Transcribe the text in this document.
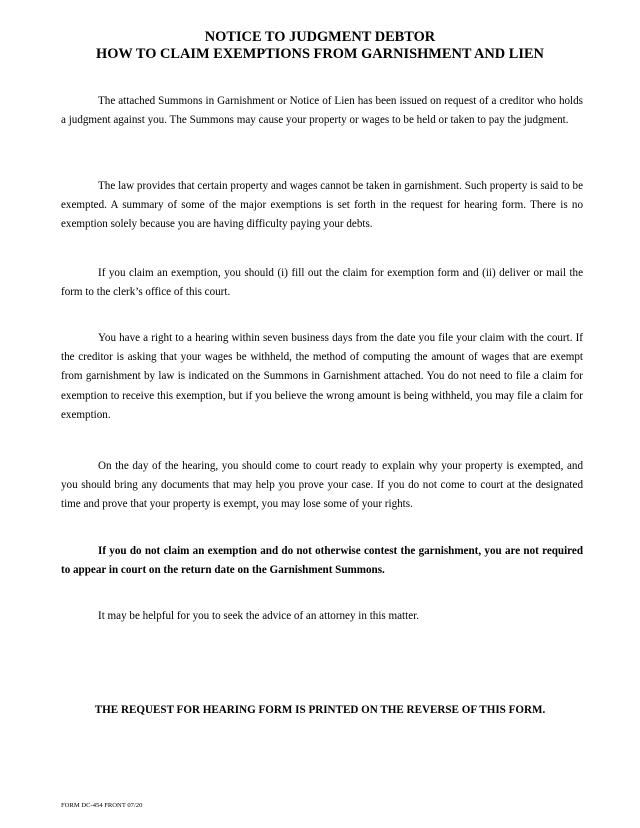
NOTICE TO JUDGMENT DEBTOR
HOW TO CLAIM EXEMPTIONS FROM GARNISHMENT AND LIEN

The attached Summons in Garnishment or Notice of Lien has been issued on request of a creditor who holds a judgment against you. The Summons may cause your property or wages to be held or taken to pay the judgment.

The law provides that certain property and wages cannot be taken in garnishment. Such property is said to be exempted. A summary of some of the major exemptions is set forth in the request for hearing form. There is no exemption solely because you are having difficulty paying your debts.

If you claim an exemption, you should (i) fill out the claim for exemption form and (ii) deliver or mail the form to the clerk’s office of this court.

You have a right to a hearing within seven business days from the date you file your claim with the court. If the creditor is asking that your wages be withheld, the method of computing the amount of wages that are exempt from garnishment by law is indicated on the Summons in Garnishment attached. You do not need to file a claim for exemption to receive this exemption, but if you believe the wrong amount is being withheld, you may file a claim for exemption.

On the day of the hearing, you should come to court ready to explain why your property is exempted, and you should bring any documents that may help you prove your case. If you do not come to court at the designated time and prove that your property is exempt, you may lose some of your rights.

If you do not claim an exemption and do not otherwise contest the garnishment, you are not required to appear in court on the return date on the Garnishment Summons.

It may be helpful for you to seek the advice of an attorney in this matter.

THE REQUEST FOR HEARING FORM IS PRINTED ON THE REVERSE OF THIS FORM.

FORM DC-454 FRONT 07/20
